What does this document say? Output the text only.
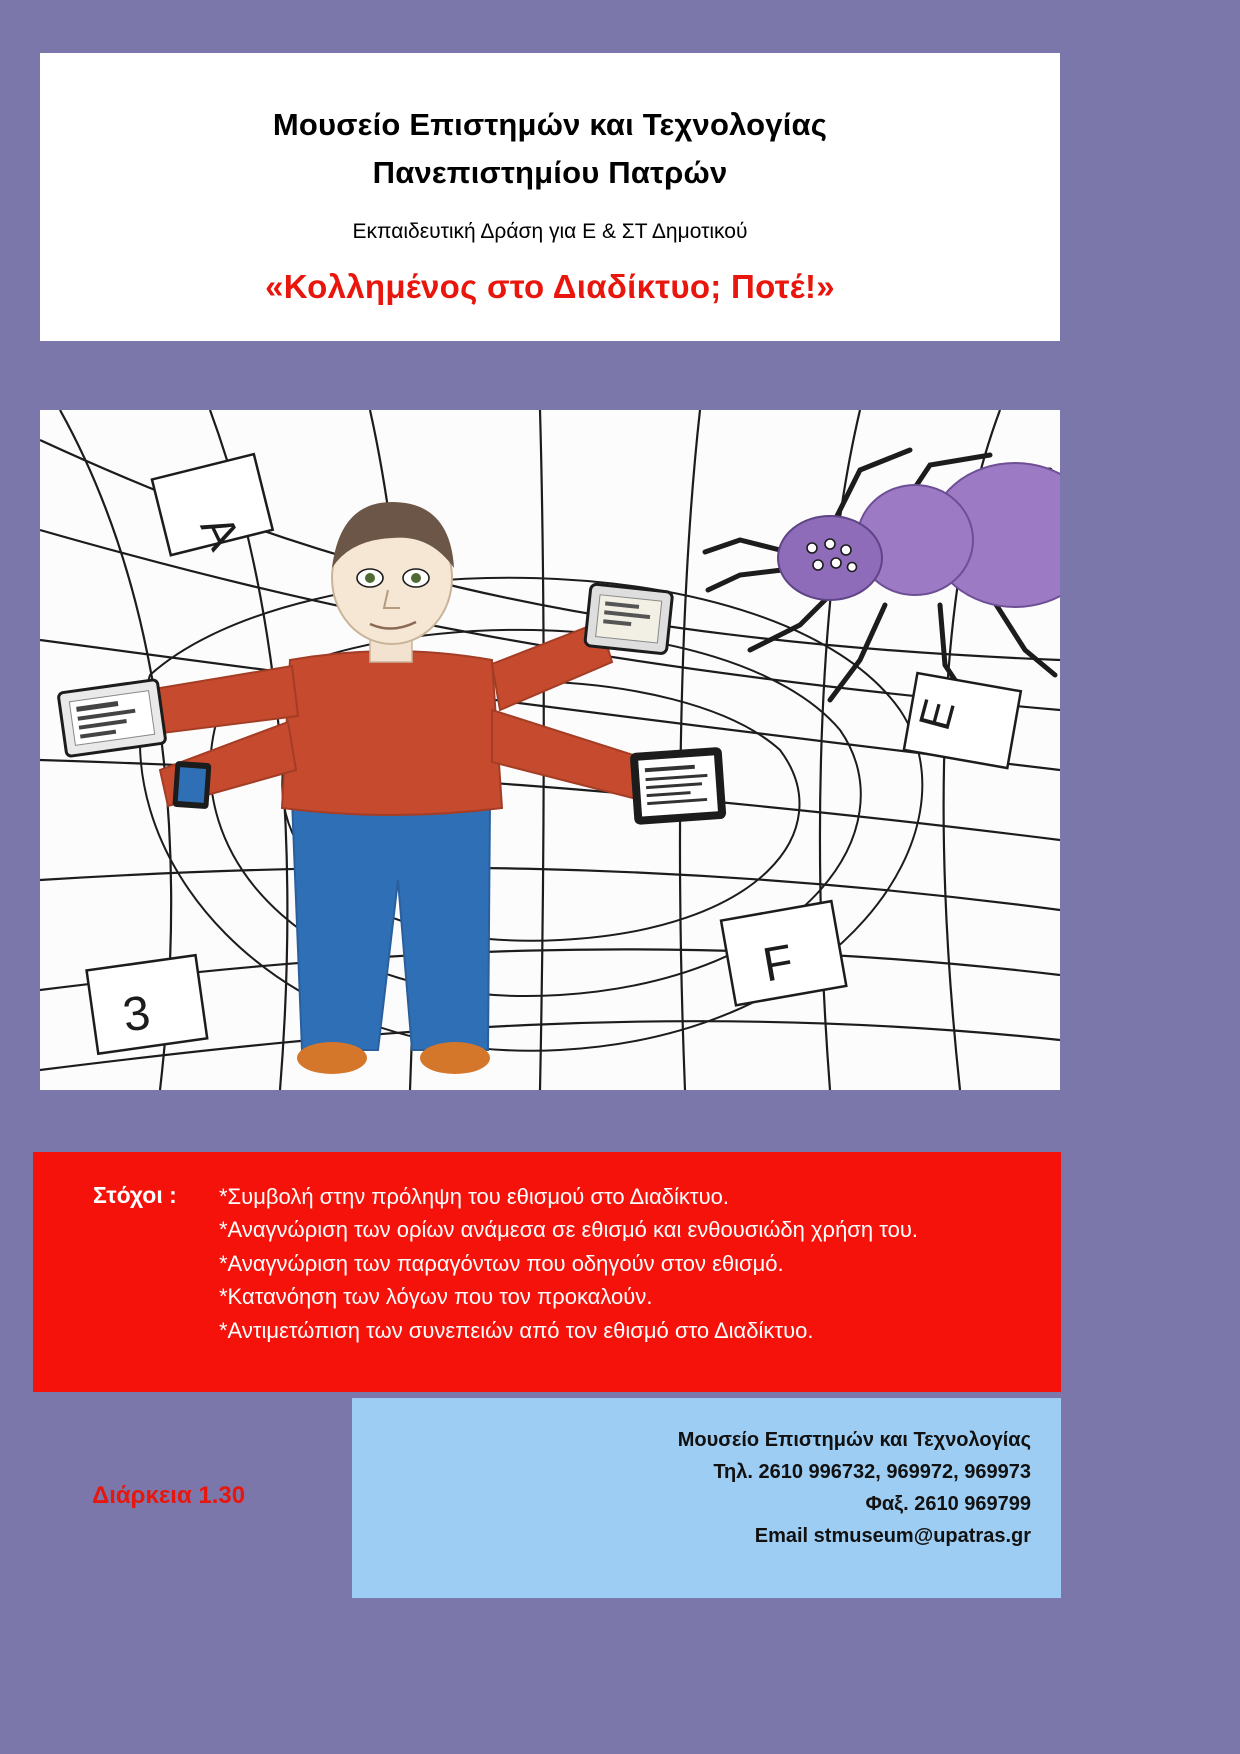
Μουσείο Επιστημών και Τεχνολογίας
Πανεπιστημίου Πατρών
Εκπαιδευτική Δράση για Ε & ΣΤ Δημοτικού
«Κολλημένος στο Διαδίκτυο; Ποτέ!»
A
E
3
F
Στόχοι :	*Συμβολή στην πρόληψη του εθισμού στο Διαδίκτυο.
*Αναγνώριση των ορίων ανάμεσα σε εθισμό και ενθουσιώδη χρήση του.
*Αναγνώριση των παραγόντων που οδηγούν στον εθισμό.
*Κατανόηση των λόγων που τον προκαλούν.
*Αντιμετώπιση των συνεπειών από τον εθισμό στο Διαδίκτυο.
Μουσείο Επιστημών και Τεχνολογίας
Τηλ. 2610 996732, 969972, 969973
Φαξ. 2610 969799
Email stmuseum@upatras.gr
Διάρκεια 1.30
